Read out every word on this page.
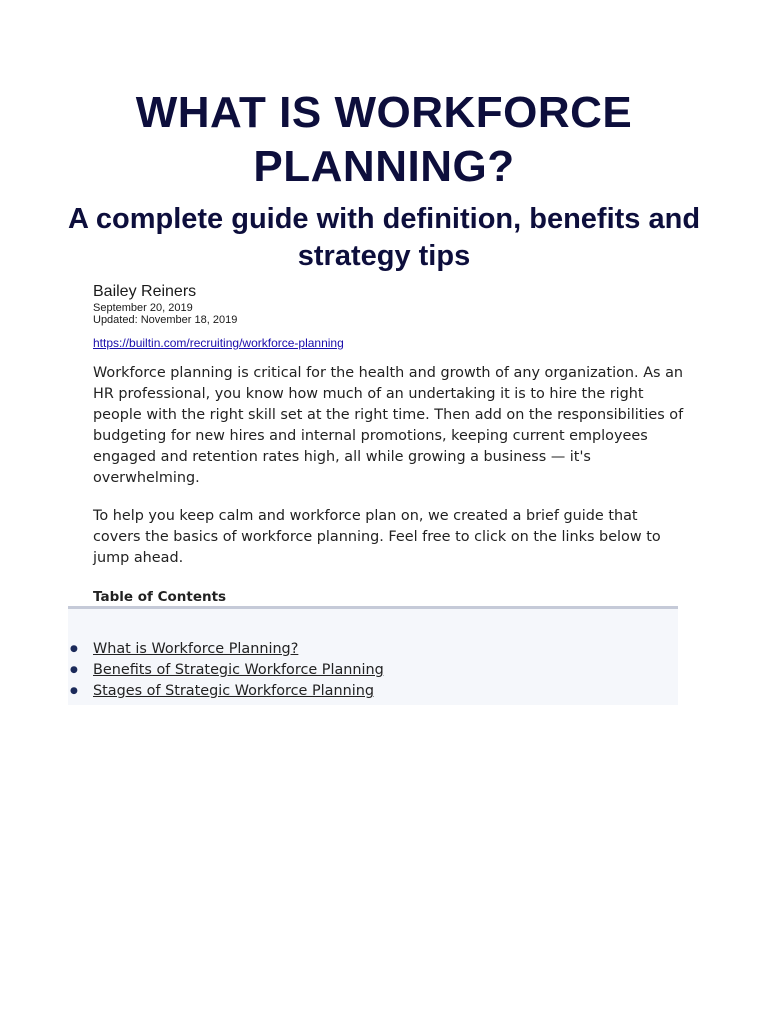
WHAT IS WORKFORCE PLANNING?
A complete guide with definition, benefits and strategy tips
Bailey Reiners
September 20, 2019
Updated: November 18, 2019
https://builtin.com/recruiting/workforce-planning

Workforce planning is critical for the health and growth of any organization. As an HR professional, you know how much of an undertaking it is to hire the right people with the right skill set at the right time. Then add on the responsibilities of budgeting for new hires and internal promotions, keeping current employees engaged and retention rates high, all while growing a business — it's overwhelming.

To help you keep calm and workforce plan on, we created a brief guide that covers the basics of workforce planning. Feel free to click on the links below to jump ahead.

Table of Contents
● What is Workforce Planning?
● Benefits of Strategic Workforce Planning
● Stages of Strategic Workforce Planning
